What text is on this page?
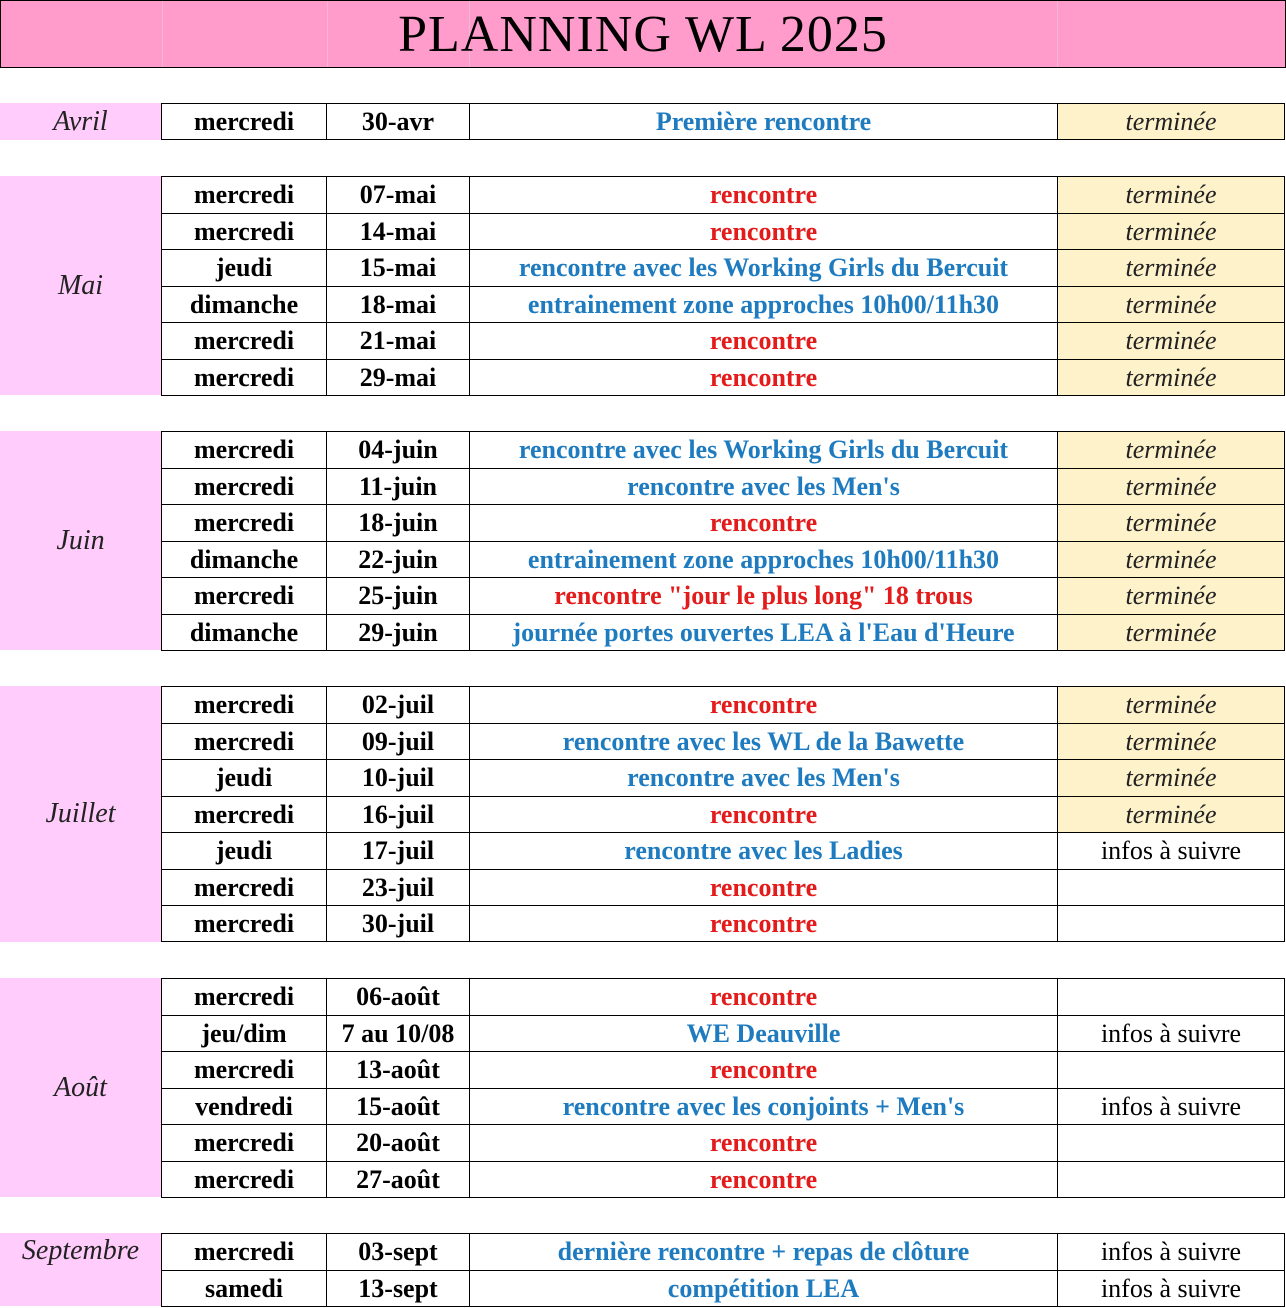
PLANNING WL 2025
Avril	mercredi	30-avr	Première rencontre	terminée
Mai
mercredi	07-mai	rencontre	terminée
mercredi	14-mai	rencontre	terminée
jeudi	15-mai	rencontre avec les Working Girls du Bercuit	terminée
dimanche	18-mai	entrainement zone approches 10h00/11h30	terminée
mercredi	21-mai	rencontre	terminée
mercredi	29-mai	rencontre	terminée
Juin
mercredi	04-juin	rencontre avec les Working Girls du Bercuit	terminée
mercredi	11-juin	rencontre avec les Men's	terminée
mercredi	18-juin	rencontre	terminée
dimanche	22-juin	entrainement zone approches 10h00/11h30	terminée
mercredi	25-juin	rencontre "jour le plus long" 18 trous	terminée
dimanche	29-juin	journée portes ouvertes LEA à l'Eau d'Heure	terminée
Juillet
mercredi	02-juil	rencontre	terminée
mercredi	09-juil	rencontre avec les WL de la Bawette	terminée
jeudi	10-juil	rencontre avec les Men's	terminée
mercredi	16-juil	rencontre	terminée
jeudi	17-juil	rencontre avec les Ladies	infos à suivre
mercredi	23-juil	rencontre
mercredi	30-juil	rencontre
Août
mercredi	06-août	rencontre
jeu/dim	7 au 10/08	WE Deauville	infos à suivre
mercredi	13-août	rencontre
vendredi	15-août	rencontre avec les conjoints + Men's	infos à suivre
mercredi	20-août	rencontre
mercredi	27-août	rencontre
Septembre	mercredi	03-sept	dernière rencontre + repas de clôture	infos à suivre
samedi	13-sept	compétition LEA	infos à suivre
